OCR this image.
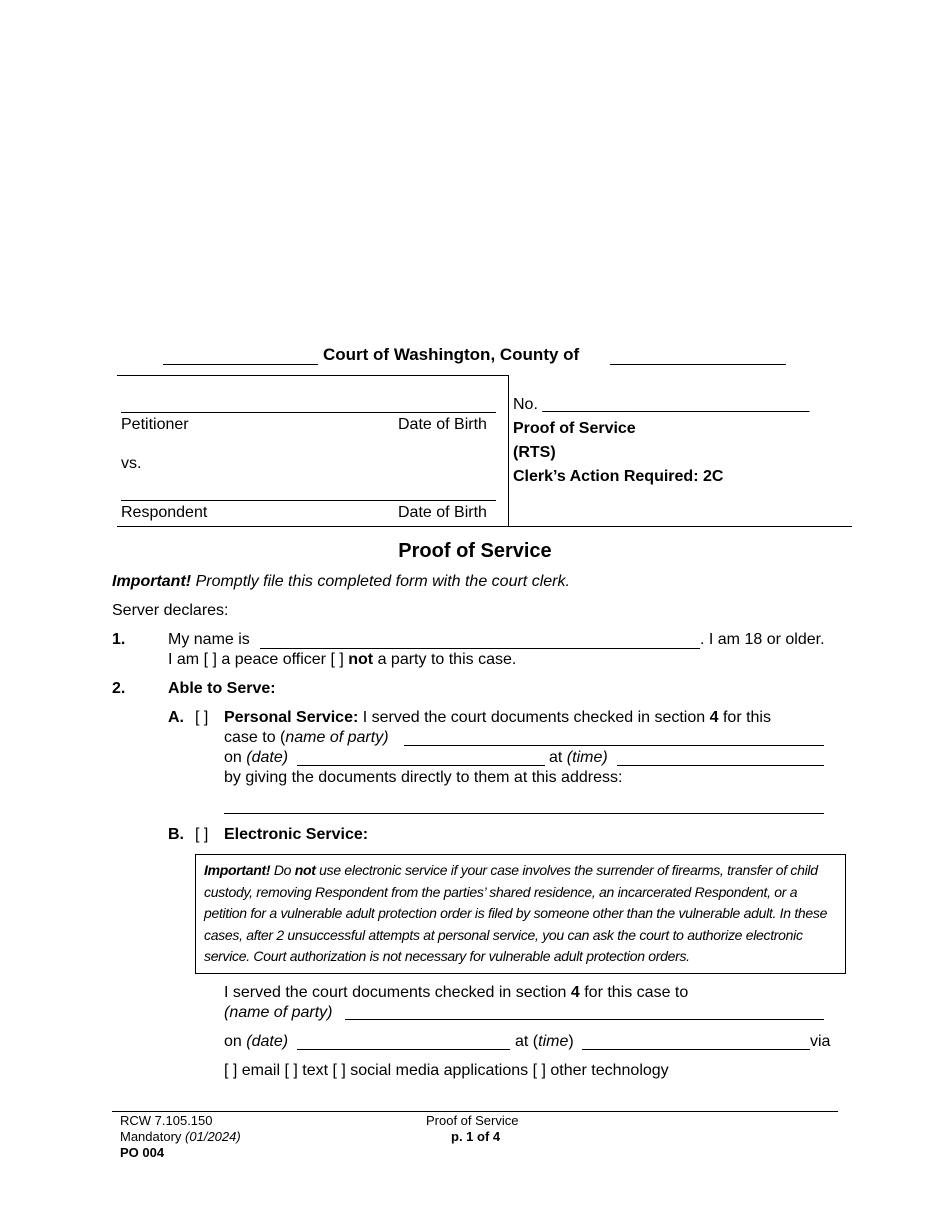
Court of Washington, County of
Petitioner	Date of Birth
vs.
Respondent	Date of Birth
No. ______________________________
Proof of Service
(RTS)
Clerk’s Action Required: 2C
Proof of Service
Important! Promptly file this completed form with the court clerk.
Server declares:
1.	My name is	. I am 18 or older.
I am [ ] a peace officer [ ] not a party to this case.
2.	Able to Serve:
A. [ ] Personal Service: I served the court documents checked in section 4 for this
case to (name of party)
on (date)	at (time)
by giving the documents directly to them at this address:
B. [ ] Electronic Service:
Important! Do not use electronic service if your case involves the surrender of firearms, transfer of child custody, removing Respondent from the parties’ shared residence, an incarcerated Respondent, or a petition for a vulnerable adult protection order is filed by someone other than the vulnerable adult. In these cases, after 2 unsuccessful attempts at personal service, you can ask the court to authorize electronic service. Court authorization is not necessary for vulnerable adult protection orders.
I served the court documents checked in section 4 for this case to
(name of party)
on (date)	at (time)	via
[ ] email [ ] text [ ] social media applications [ ] other technology
RCW 7.105.150
Mandatory (01/2024)
PO 004
Proof of Service
p. 1 of 4
